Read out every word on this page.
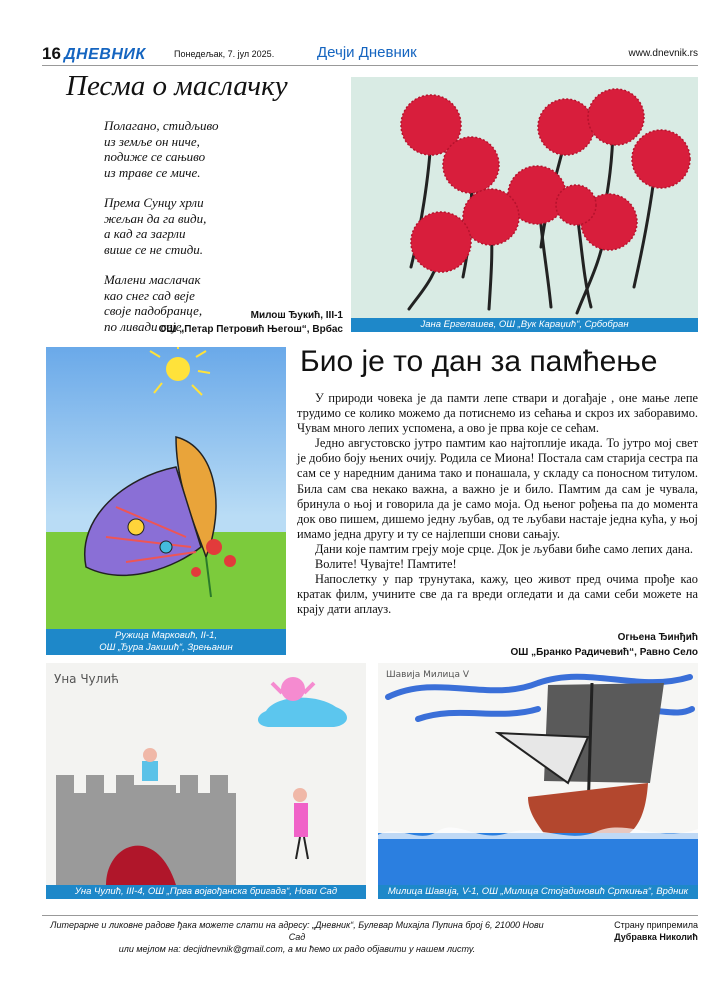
16 ДНЕВНИК	Понедељак, 7. јул 2025.	Дечји Дневник	www.dnevnik.rs
Песма о маслачку
Полагано, стидљиво
из земље он ниче,
подиже се сањиво
из траве се миче.
Према Сунцу хрли
жељан да га види,
а кад га загрли
више се не стиди.
Малени маслачак
као снег сад веје
своје падобранце,
по ливади сеје.
Милош Ђукић, III-1
ОШ „Петар Петровић Његош“, Врбас	Јана Ергелашев, ОШ „Вук Караџић“, Србобран
Ружица Марковић, II-1,
ОШ „Ђура Јакшић“, Зрењанин
Био је то дан за памћење

У природи човека је да памти лепе ствари и догађаје , оне мање лепе трудимо се колико можемо да потиснемо из сећања и скроз их заборавимо. Чувам много лепих успомена, а ово је прва које се сећам.

Једно августовско јутро памтим као најтоплије икада. То јутро мој свет је добио боју њених очију. Родила се Миона! Постала сам старија сестра па сам се у наредним данима тако и понашала, у складу са поносном титулом. Била сам сва некако важна, а важно је и било. Памтим да сам је чувала, бринула о њој и говорила да је само моја. Од њеног рођења па до момента док ово пишем, дишемо једну љубав, од те љубави настаје једна кућа, у њој имамо једна другу и ту се најлепши снови сањају.

Дани које памтим греју моје срце. Док је љубави биће само лепих дана.

Волите! Чувајте! Памтите!

Напослетку у пар трунутака, кажу, цео живот пред очима прође као кратак филм, учините све да га вреди огледати и да сами себи можете на крају дати аплауз.

Огњена Ђинђић
ОШ „Бранко Радичевић“, Равно Село
Уна Чулић
Уна Чулић, III-4, ОШ „Прва војвођанска бригада“, Нови Сад
Шавија Милица V
Милица Шавија, V-1, ОШ „Милица Стојадиновић Српкиња“, Врдник
Литерарне и ликовне радове ђака можете слати на адресу: „Дневник“, Булевар Михајла Пупина број 6, 21000 Нови Сад
или мејлом на: decjidnevnik@gmail.com, а ми ћемо их радо објавити у нашем листу.
Страну припремила
Дубравка Николић
